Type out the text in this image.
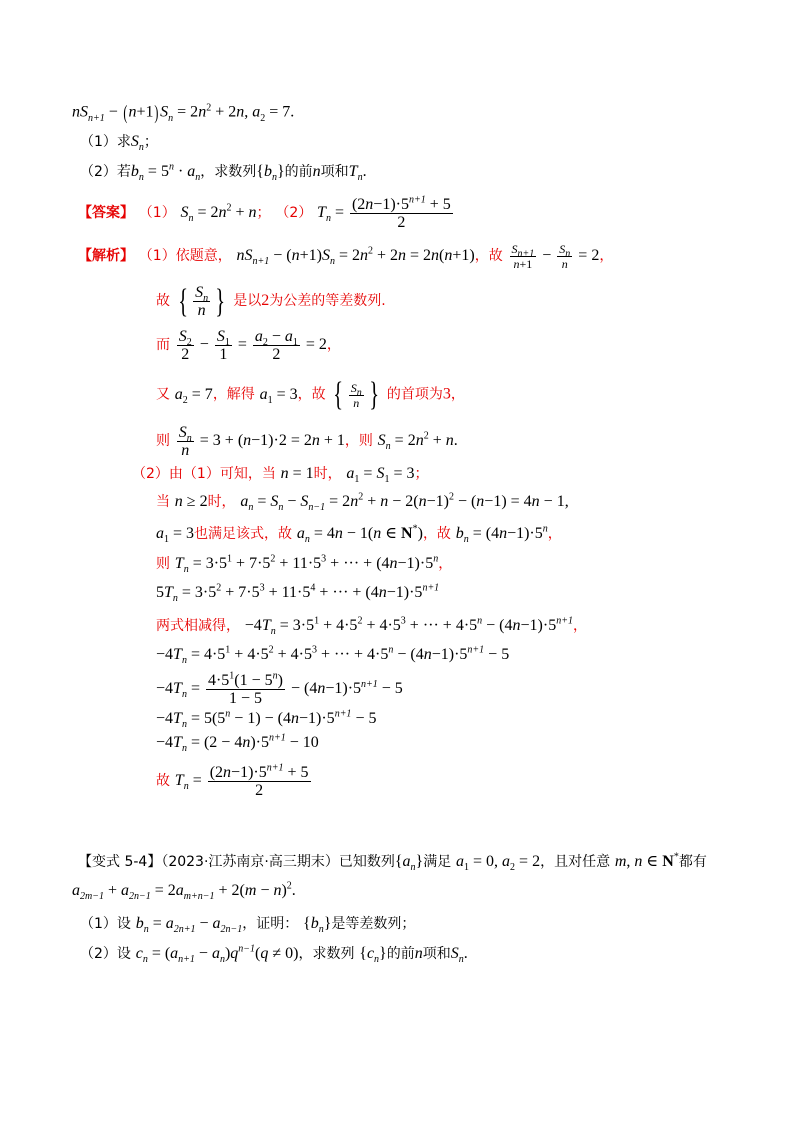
$nS_{n+1} - (n+1)S_n = 2n^2 + 2n$, $a_2 = 7$.
（1）求$S_n$；
（2）若$b_n = 5^n \cdot a_n$，求数列$\{b_n\}$的前n项和$T_n$.
【答案】 （1） $S_n = 2n^2 + n$； （2） $T_n = \frac{(2n-1)\cdot 5^{n+1} + 5}{2}$
【解析】 （1）依题意， $nS_{n+1} - (n+1)S_n = 2n^2 + 2n = 2n(n+1)$，故 $\frac{S_{n+1}}{n+1} - \frac{S_n}{n} = 2$，
故 { $\frac{S_n}{n}$ } 是以2为公差的等差数列.
而 $\frac{S_2}{2} - \frac{S_1}{1} = \frac{a_2 - a_1}{2} = 2$，
又 $a_2 = 7$，解得 $a_1 = 3$，故 { $\frac{S_n}{n}$ } 的首项为3，
则 $\frac{S_n}{n} = 3 + (n-1)\cdot 2 = 2n + 1$，则 $S_n = 2n^2 + n$.
（2）由（1）可知，当 n = 1时， $a_1 = S_1 = 3$；
当 n ≥ 2时， $a_n = S_n - S_{n-1} = 2n^2 + n - 2(n-1)^2 - (n-1) = 4n - 1$,
$a_1 = 3$也满足该式，故 $a_n = 4n - 1(n$ ∈ N*)，故 $b_n = (4n-1)\cdot 5^n$，
则 $T_n = 3\cdot 5^1 + 7\cdot 5^2 + 11\cdot 5^3$ + ··· + $(4n-1)\cdot 5^n$，
$5T_n = 3\cdot 5^2 + 7\cdot 5^3 + 11\cdot 5^4$ + ··· + $(4n-1)\cdot 5^{n+1}$
两式相减得， $-4T_n = 3\cdot 5^1 + 4\cdot 5^2 + 4\cdot 5^3$ + ··· + $4\cdot 5^n - (4n-1)\cdot 5^{n+1}$，
$-4T_n = 4\cdot 5^1 + 4\cdot 5^2 + 4\cdot 5^3$ + ··· + $4\cdot 5^n - (4n-1)\cdot 5^{n+1} - 5$
$-4T_n = \frac{4\cdot 5^1(1 - 5^n)}{1 - 5} - (4n-1)\cdot 5^{n+1} - 5$
$-4T_n = 5(5^n - 1) - (4n-1)\cdot 5^{n+1} - 5$
$-4T_n = (2 - 4n)\cdot 5^{n+1} - 10$
故 $T_n = \frac{(2n-1)\cdot 5^{n+1} + 5}{2}$
【变式 5-4】（2023·江苏南京·高三期末）已知数列$\{a_n\}$满足 $a_1 = 0$, $a_2 = 2$，且对任意 m, n ∈ N*都有
$a_{2m-1} + a_{2n-1} = 2a_{m+n-1} + 2(m - n)^2$.
（1）设 $b_n = a_{2n+1} - a_{2n-1}$，证明： $\{b_n\}$是等差数列；
（2）设 $c_n = (a_{n+1} - a_n)q^{n-1}(q \ne 0)$，求数列 $\{c_n\}$的前n项和$S_n$.
